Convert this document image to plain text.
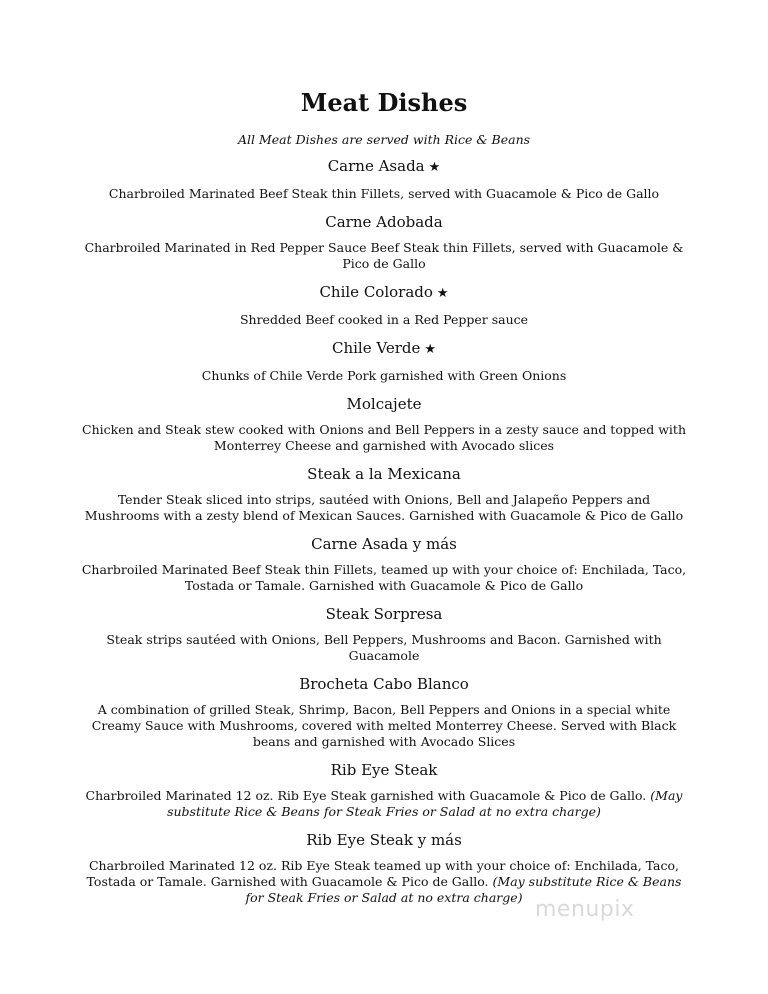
Meat Dishes

All Meat Dishes are served with Rice & Beans

Carne Asada ★
Charbroiled Marinated Beef Steak thin Fillets, served with Guacamole & Pico de Gallo
Carne Adobada
Charbroiled Marinated in Red Pepper Sauce Beef Steak thin Fillets, served with Guacamole & Pico de Gallo
Chile Colorado ★
Shredded Beef cooked in a Red Pepper sauce
Chile Verde ★
Chunks of Chile Verde Pork garnished with Green Onions
Molcajete
Chicken and Steak stew cooked with Onions and Bell Peppers in a zesty sauce and topped with Monterrey Cheese and garnished with Avocado slices
Steak a la Mexicana
Tender Steak sliced into strips, sautéed with Onions, Bell and Jalapeño Peppers and Mushrooms with a zesty blend of Mexican Sauces. Garnished with Guacamole & Pico de Gallo
Carne Asada y más
Charbroiled Marinated Beef Steak thin Fillets, teamed up with your choice of: Enchilada, Taco, Tostada or Tamale. Garnished with Guacamole & Pico de Gallo
Steak Sorpresa
Steak strips sautéed with Onions, Bell Peppers, Mushrooms and Bacon. Garnished with Guacamole
Brocheta Cabo Blanco
A combination of grilled Steak, Shrimp, Bacon, Bell Peppers and Onions in a special white Creamy Sauce with Mushrooms, covered with melted Monterrey Cheese. Served with Black beans and garnished with Avocado Slices
Rib Eye Steak
Charbroiled Marinated 12 oz. Rib Eye Steak garnished with Guacamole & Pico de Gallo. (May substitute Rice & Beans for Steak Fries or Salad at no extra charge)
Rib Eye Steak y más
Charbroiled Marinated 12 oz. Rib Eye Steak teamed up with your choice of: Enchilada, Taco, Tostada or Tamale. Garnished with Guacamole & Pico de Gallo. (May substitute Rice & Beans for Steak Fries or Salad at no extra charge) menupix
